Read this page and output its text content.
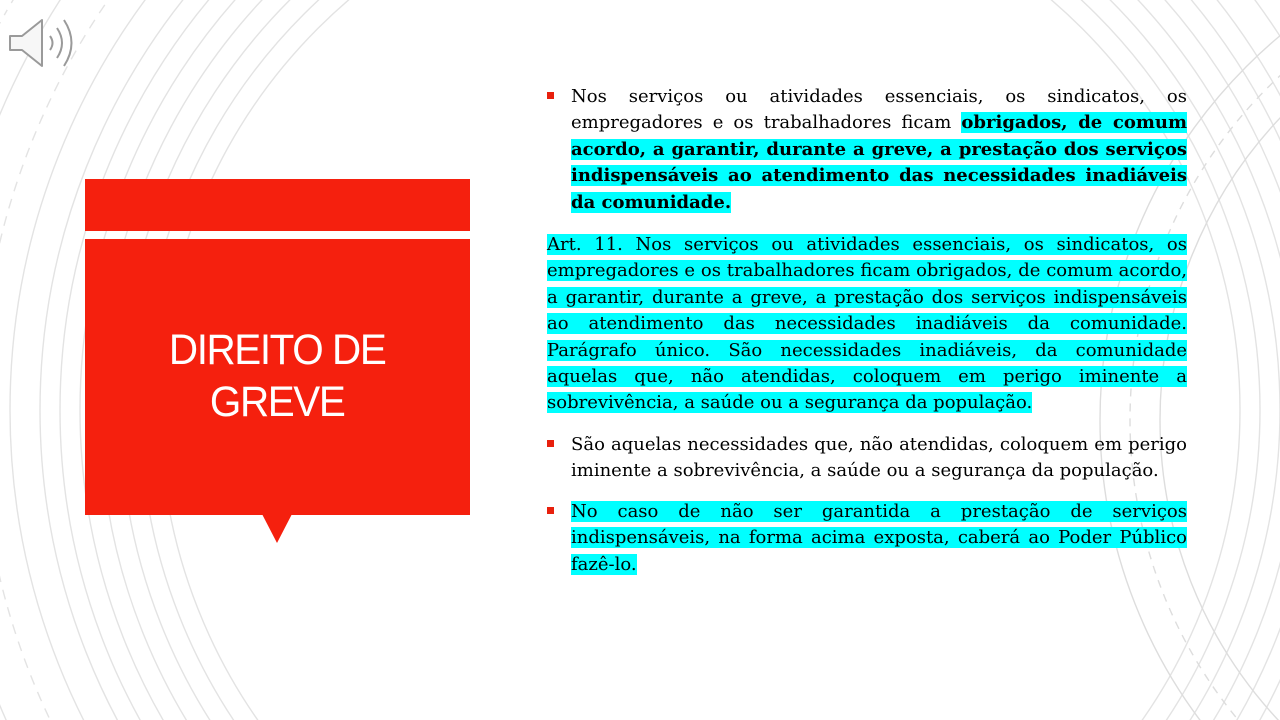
DIREITO DE
GREVE
Nos serviços ou atividades essenciais, os sindicatos, os empregadores e os trabalhadores ficam obrigados, de comum acordo, a garantir, durante a greve, a prestação dos serviços indispensáveis ao atendimento das necessidades inadiáveis da comunidade.
Art. 11. Nos serviços ou atividades essenciais, os sindicatos, os empregadores e os trabalhadores ficam obrigados, de comum acordo, a garantir, durante a greve, a prestação dos serviços indispensáveis ao atendimento das necessidades inadiáveis da comunidade. Parágrafo único. São necessidades inadiáveis, da comunidade aquelas que, não atendidas, coloquem em perigo iminente a sobrevivência, a saúde ou a segurança da população.
São aquelas necessidades que, não atendidas, coloquem em perigo iminente a sobrevivência, a saúde ou a segurança da população.
No caso de não ser garantida a prestação de serviços indispensáveis, na forma acima exposta, caberá ao Poder Público fazê-lo.
